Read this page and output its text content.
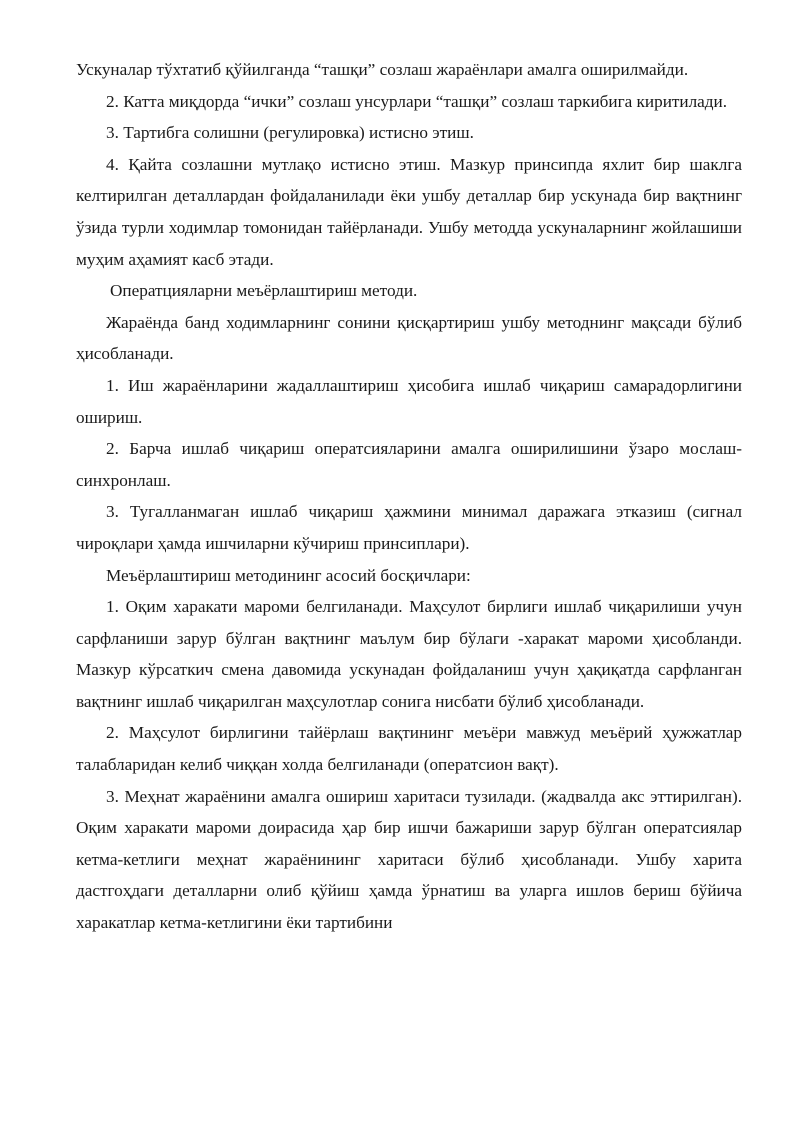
Ускуналар тўхтатиб қўйилганда “ташқи” созлаш жараёнлари амалга оширилмайди.

2. Катта миқдорда “ички” созлаш унсурлари “ташқи” созлаш таркибига киритилади.

3. Тартибга солишни (регулировка) истисно этиш.

4. Қайта созлашни мутлақо истисно этиш. Мазкур принсипда яхлит бир шаклга келтирилган деталлардан фойдаланилади ёки ушбу деталлар бир ускунада бир вақтнинг ўзида турли ходимлар томонидан тайёрланади. Ушбу методда ускуналарнинг жойлашиши муҳим аҳамият касб этади.

Оператцияларни меъёрлаштириш методи.

Жараёнда банд ходимларнинг сонини қисқартириш ушбу методнинг мақсади бўлиб ҳисобланади.

1. Иш жараёнларини жадаллаштириш ҳисобига ишлаб чиқариш самарадорлигини ошириш.

2. Барча ишлаб чиқариш оператсияларини амалга оширилишини ўзаро мослаш-синхронлаш.

3. Тугалланмаган ишлаб чиқариш ҳажмини минимал даражага этказиш (сигнал чироқлари ҳамда ишчиларни кўчириш принсиплари).

Меъёрлаштириш методининг асосий босқичлари:

1. Оқим харакати мароми белгиланади. Маҳсулот бирлиги ишлаб чиқарилиши учун сарфланиши зарур бўлган вақтнинг маълум бир бўлаги -харакат мароми ҳисобланди. Мазкур кўрсаткич смена давомида ускунадан фойдаланиш учун ҳақиқатда сарфланган вақтнинг ишлаб чиқарилган маҳсулотлар сонига нисбати бўлиб ҳисобланади.

2. Маҳсулот бирлигини тайёрлаш вақтининг меъёри мавжуд меъёрий ҳужжатлар талабларидан келиб чиққан холда белгиланади (оператсион вақт).

3. Меҳнат жараёнини амалга ошириш харитаси тузилади. (жадвалда акс эттирилган). Оқим харакати мароми доирасида ҳар бир ишчи бажариши зарур бўлган оператсиялар кетма-кетлиги меҳнат жараёнининг харитаси бўлиб ҳисобланади. Ушбу харита дастгоҳдаги деталларни олиб қўйиш ҳамда ўрнатиш ва уларга ишлов бериш бўйича харакатлар кетма-кетлигини ёки тартибини
